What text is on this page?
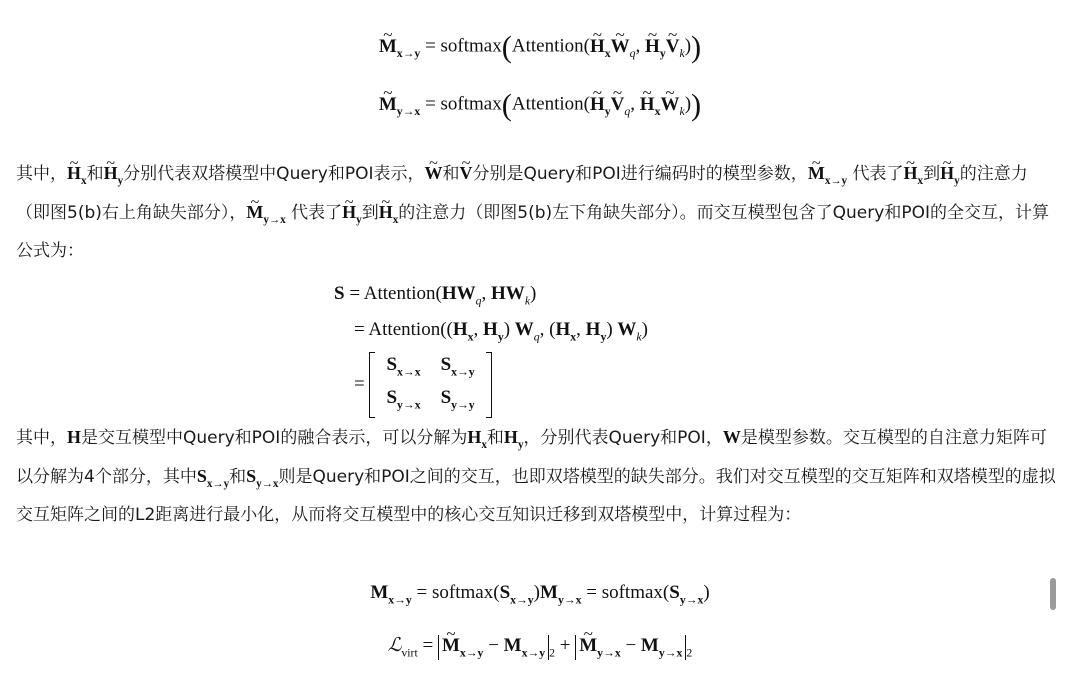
~ $M_{x\to y}$ = softmax(Attention(~ $H_x\sim$ $W_q$, ~ $H_y\sim$ $V_k$))
~ $M_{y\to x}$ = softmax(Attention(~ $H_y\sim$ $V_q$, ~ $H_x\sim$ $W_k$))

其中，~ $H_x$和~ $H_y$分别代表双塔模型中Query和POI表示，~ W和~ V分别是Query和POI进行编码时的模型参数，~ $M_{x\to y}$ 代表了~ $H_x$到~ $H_y$的注意力（即图5(b)右上角缺失部分），~ $M_{y\to x}$ 代表了~ $H_y$到~ $H_x$的注意力（即图5(b)左下角缺失部分）。而交互模型包含了Query和POI的全交互，计算公式为：

$S = Attention(HW_q$, $HW_k$)
= $Attention((H_x$, $H_y$) $W_q$, ($H_x$, $H_y$) $W_k$)
=
$S_{x\to x}$	$S_{x\to y}$
$S_{y\to x}$	$S_{y\to y}$

其中，H是交互模型中Query和POI的融合表示，可以分解为$H_x$和$H_y$，分别代表Query和POI，W是模型参数。交互模型的自注意力矩阵可以分解为4个部分，其中$S_{x\to y}$和$S_{y\to x}$则是Query和POI之间的交互，也即双塔模型的缺失部分。我们对交互模型的交互矩阵和双塔模型的虚拟交互矩阵之间的L2距离进行最小化，从而将交互模型中的核心交互知识迁移到双塔模型中，计算过程为：

$M_{x\to y}$ = $softmax(S_{x\to y})M_{y\to x}$ = $softmax(S_{y\to x})$
ℒ$_{virt}$ = ~ $M_{x\to y} - M_{x\to y}$ $_2$ + ~ $M_{y\to x} - M_{y\to x}$ $_2$
